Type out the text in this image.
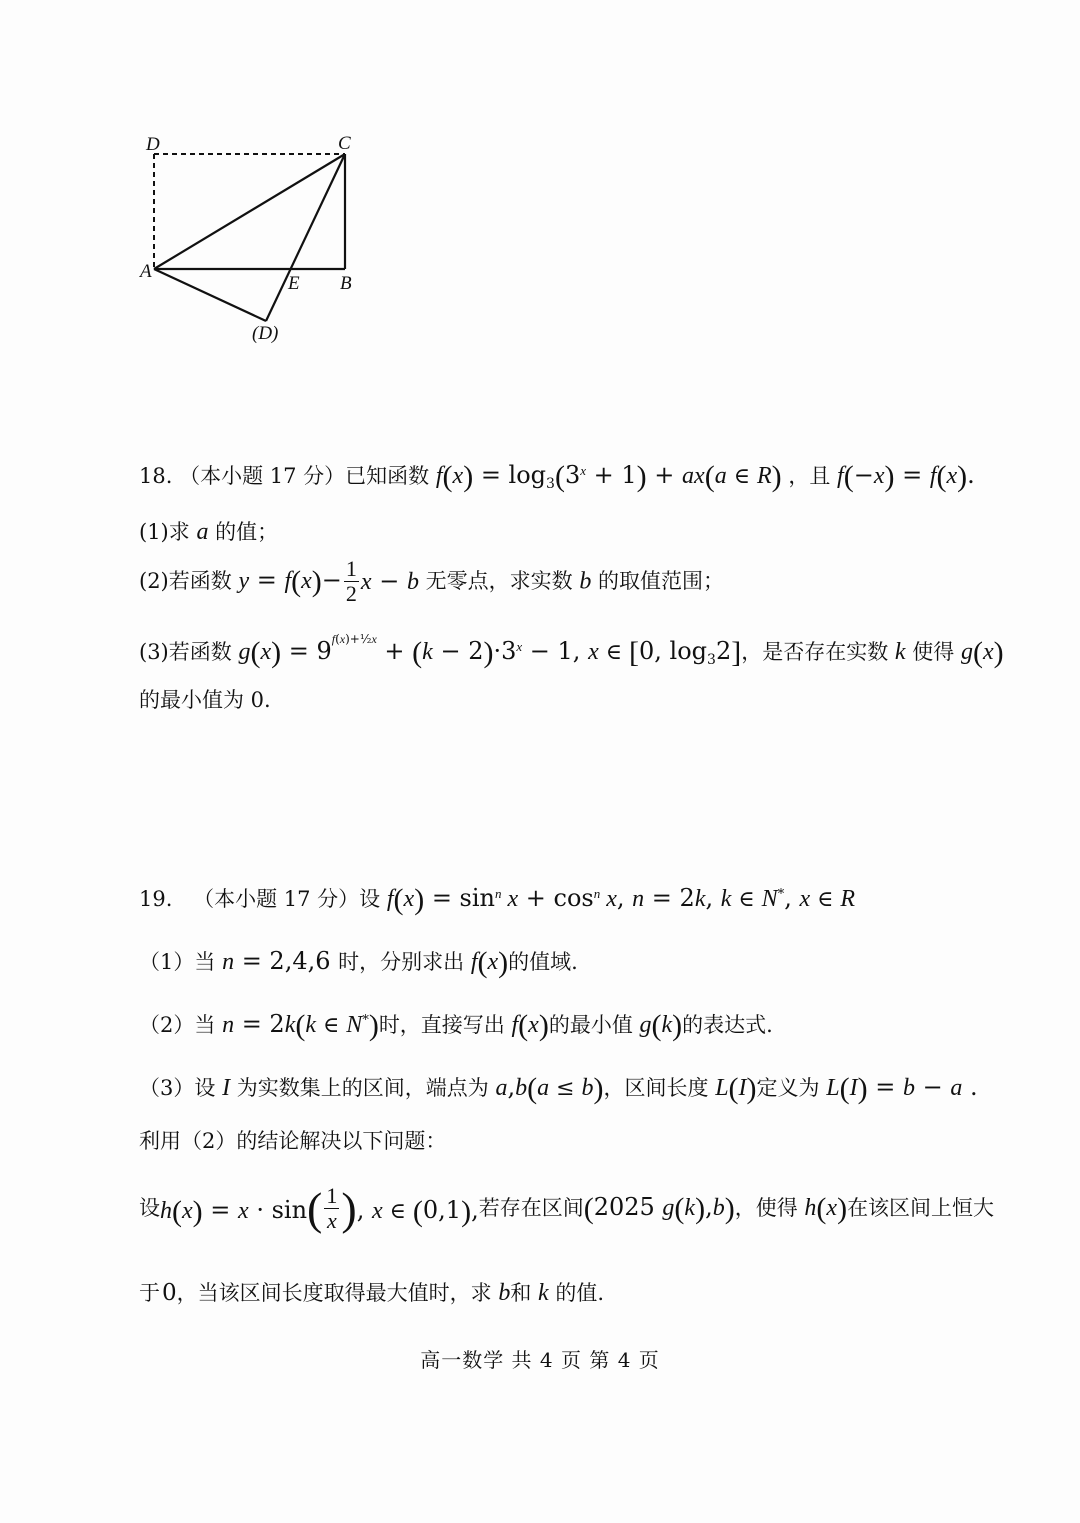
D	C
A
E B
(D)
18. （本小题 17 分）已知函数 $f(x) = \log_3(3^x + 1) + ax(a$ ∈ R) ，且 f(−x) = f(x).
(1)求 a 的值；
(2)若函数 $y = f(x)- \frac{1}{2}$ x − b 无零点，求实数 b 的取值范围；
(3)若函数 $g(x) = 9^{f(x)+\frac{1}{2}x} + (k - 2)\cdot 3^x - 1$, x ∈ [0, $\log_32$]，是否存在实数 k 使得 g(x)
的最小值为 0.
19. （本小题 17 分）设 $f(x) = \sin^n x + \cos^n x$, n = 2k, k ∈ N*, x ∈ R
（1）当 n = 2,4,6 时，分别求出 f(x)的值域.
（2）当 n = 2k(k ∈ N*)时，直接写出 f(x)的最小值 g(k)的表达式.
（3）设 I 为实数集上的区间，端点为 a,b(a ≤ b)，区间长度 L(I)定义为 L(I) = b − a .
利用（2）的结论解决以下问题：
设$h(x) = x \cdot \sin( \frac{1}{x}$ ), x ∈ (0,1),若存在区间(2025 g(k),b)，使得 h(x)在该区间上恒大
于0，当该区间长度取得最大值时，求 b和 k 的值.
高一数学 共 4 页 第 4 页
